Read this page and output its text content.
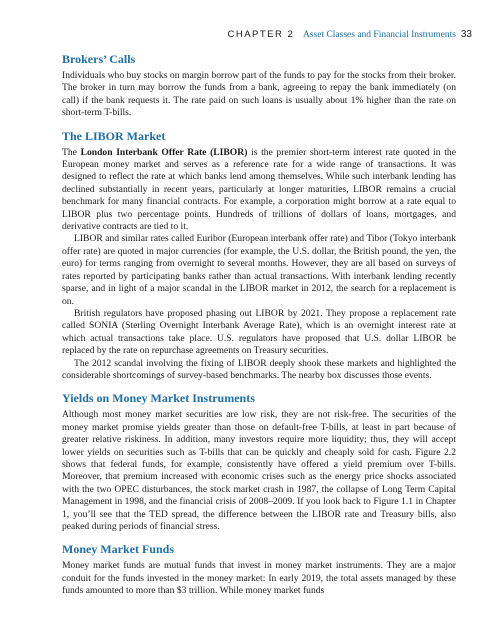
CHAPTER 2 Asset Classes and Financial Instruments 33
Brokers’ Calls

Individuals who buy stocks on margin borrow part of the funds to pay for the stocks from their broker. The broker in turn may borrow the funds from a bank, agreeing to repay the bank immediately (on call) if the bank requests it. The rate paid on such loans is usually about 1% higher than the rate on short-term T-bills.

The LIBOR Market

The London Interbank Offer Rate (LIBOR) is the premier short-term interest rate quoted in the European money market and serves as a reference rate for a wide range of transactions. It was designed to reflect the rate at which banks lend among themselves. While such interbank lending has declined substantially in recent years, particularly at longer maturities, LIBOR remains a crucial benchmark for many financial contracts. For example, a corporation might borrow at a rate equal to LIBOR plus two percentage points. Hundreds of trillions of dollars of loans, mortgages, and derivative contracts are tied to it.

LIBOR and similar rates called Euribor (European interbank offer rate) and Tibor (Tokyo interbank offer rate) are quoted in major currencies (for example, the U.S. dollar, the British pound, the yen, the euro) for terms ranging from overnight to several months. However, they are all based on surveys of rates reported by participating banks rather than actual transactions. With interbank lending recently sparse, and in light of a major scandal in the LIBOR market in 2012, the search for a replacement is on.

British regulators have proposed phasing out LIBOR by 2021. They propose a replacement rate called SONIA (Sterling Overnight Interbank Average Rate), which is an overnight interest rate at which actual transactions take place. U.S. regulators have proposed that U.S. dollar LIBOR be replaced by the rate on repurchase agreements on Treasury securities.

The 2012 scandal involving the fixing of LIBOR deeply shook these markets and highlighted the considerable shortcomings of survey-based benchmarks. The nearby box discusses those events.

Yields on Money Market Instruments

Although most money market securities are low risk, they are not risk-free. The securities of the money market promise yields greater than those on default-free T-bills, at least in part because of greater relative riskiness. In addition, many investors require more liquidity; thus, they will accept lower yields on securities such as T-bills that can be quickly and cheaply sold for cash. Figure 2.2 shows that federal funds, for example, consistently have offered a yield premium over T-bills. Moreover, that premium increased with economic crises such as the energy price shocks associated with the two OPEC disturbances, the stock market crash in 1987, the collapse of Long Term Capital Management in 1998, and the financial crisis of 2008–2009. If you look back to Figure 1.1 in Chapter 1, you’ll see that the TED spread, the difference between the LIBOR rate and Treasury bills, also peaked during periods of financial stress.

Money Market Funds

Money market funds are mutual funds that invest in money market instruments. They are a major conduit for the funds invested in the money market: In early 2019, the total assets managed by these funds amounted to more than $3 trillion. While money market funds
